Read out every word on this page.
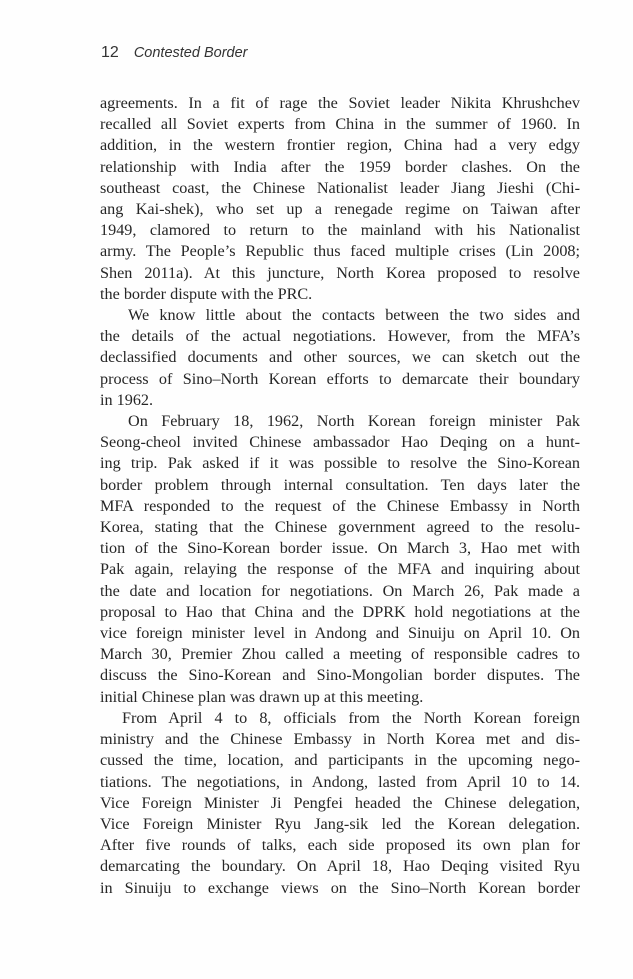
12 Contested Border
agreements. In a fit of rage the Soviet leader Nikita Khrushchev
recalled all Soviet experts from China in the summer of 1960. In
addition, in the western frontier region, China had a very edgy
relationship with India after the 1959 border clashes. On the
southeast coast, the Chinese Nationalist leader Jiang Jieshi (Chi-
ang Kai-shek), who set up a renegade regime on Taiwan after
1949, clamored to return to the mainland with his Nationalist
army. The People’s Republic thus faced multiple crises (Lin 2008;
Shen 2011a). At this juncture, North Korea proposed to resolve
the border dispute with the PRC.
We know little about the contacts between the two sides and
the details of the actual negotiations. However, from the MFA’s
declassified documents and other sources, we can sketch out the
process of Sino–North Korean efforts to demarcate their boundary
in 1962.
On February 18, 1962, North Korean foreign minister Pak
Seong-cheol invited Chinese ambassador Hao Deqing on a hunt-
ing trip. Pak asked if it was possible to resolve the Sino-Korean
border problem through internal consultation. Ten days later the
MFA responded to the request of the Chinese Embassy in North
Korea, stating that the Chinese government agreed to the resolu-
tion of the Sino-Korean border issue. On March 3, Hao met with
Pak again, relaying the response of the MFA and inquiring about
the date and location for negotiations. On March 26, Pak made a
proposal to Hao that China and the DPRK hold negotiations at the
vice foreign minister level in Andong and Sinuiju on April 10. On
March 30, Premier Zhou called a meeting of responsible cadres to
discuss the Sino-Korean and Sino-Mongolian border disputes. The
initial Chinese plan was drawn up at this meeting.
From April 4 to 8, officials from the North Korean foreign
ministry and the Chinese Embassy in North Korea met and dis-
cussed the time, location, and participants in the upcoming nego-
tiations. The negotiations, in Andong, lasted from April 10 to 14.
Vice Foreign Minister Ji Pengfei headed the Chinese delegation,
Vice Foreign Minister Ryu Jang-sik led the Korean delegation.
After five rounds of talks, each side proposed its own plan for
demarcating the boundary. On April 18, Hao Deqing visited Ryu
in Sinuiju to exchange views on the Sino–North Korean border
